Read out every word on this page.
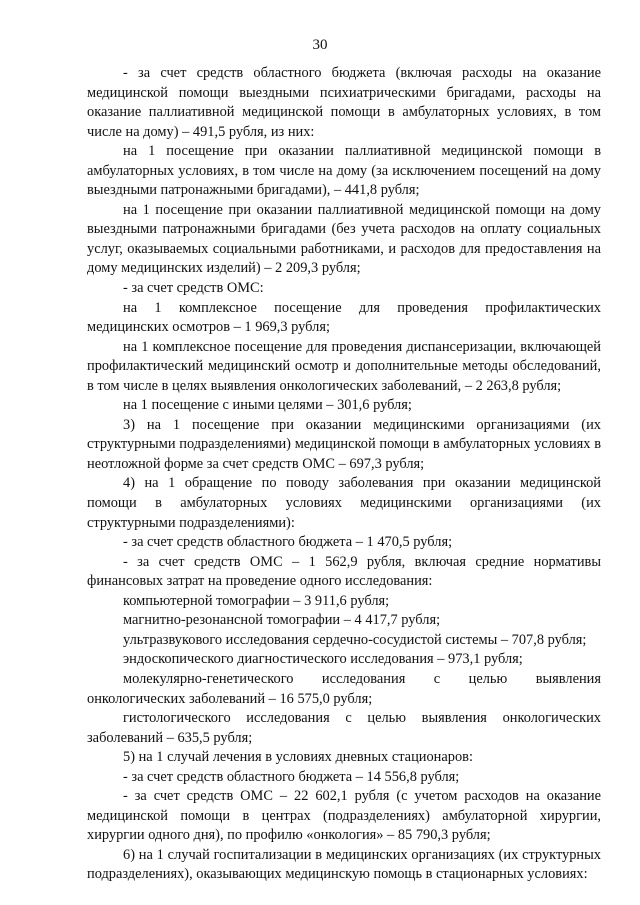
30

- за счет средств областного бюджета (включая расходы на оказание медицинской помощи выездными психиатрическими бригадами, расходы на оказание паллиативной медицинской помощи в амбулаторных условиях, в том числе на дому) – 491,5 рубля, из них:

на 1 посещение при оказании паллиативной медицинской помощи в амбулаторных условиях, в том числе на дому (за исключением посещений на дому выездными патронажными бригадами), – 441,8 рубля;

на 1 посещение при оказании паллиативной медицинской помощи на дому выездными патронажными бригадами (без учета расходов на оплату социальных услуг, оказываемых социальными работниками, и расходов для предоставления на дому медицинских изделий) – 2 209,3 рубля;

- за счет средств ОМС:

на 1 комплексное посещение для проведения профилактических медицинских осмотров – 1 969,3 рубля;

на 1 комплексное посещение для проведения диспансеризации, включающей профилактический медицинский осмотр и дополнительные методы обследований, в том числе в целях выявления онкологических заболеваний, – 2 263,8 рубля;

на 1 посещение с иными целями – 301,6 рубля;

3) на 1 посещение при оказании медицинскими организациями (их структурными подразделениями) медицинской помощи в амбулаторных условиях в неотложной форме за счет средств ОМС – 697,3 рубля;

4) на 1 обращение по поводу заболевания при оказании медицинской помощи в амбулаторных условиях медицинскими организациями (их структурными подразделениями):

- за счет средств областного бюджета – 1 470,5 рубля;

- за счет средств ОМС – 1 562,9 рубля, включая средние нормативы финансовых затрат на проведение одного исследования:

компьютерной томографии – 3 911,6 рубля;

магнитно-резонансной томографии – 4 417,7 рубля;

ультразвукового исследования сердечно-сосудистой системы – 707,8 рубля;

эндоскопического диагностического исследования – 973,1 рубля;

молекулярно-генетического исследования с целью выявления онкологических заболеваний – 16 575,0 рубля;

гистологического исследования с целью выявления онкологических заболеваний – 635,5 рубля;

5) на 1 случай лечения в условиях дневных стационаров:

- за счет средств областного бюджета – 14 556,8 рубля;

- за счет средств ОМС – 22 602,1 рубля (с учетом расходов на оказание медицинской помощи в центрах (подразделениях) амбулаторной хирургии, хирургии одного дня), по профилю «онкология» – 85 790,3 рубля;

6) на 1 случай госпитализации в медицинских организациях (их структурных подразделениях), оказывающих медицинскую помощь в стационарных условиях:
